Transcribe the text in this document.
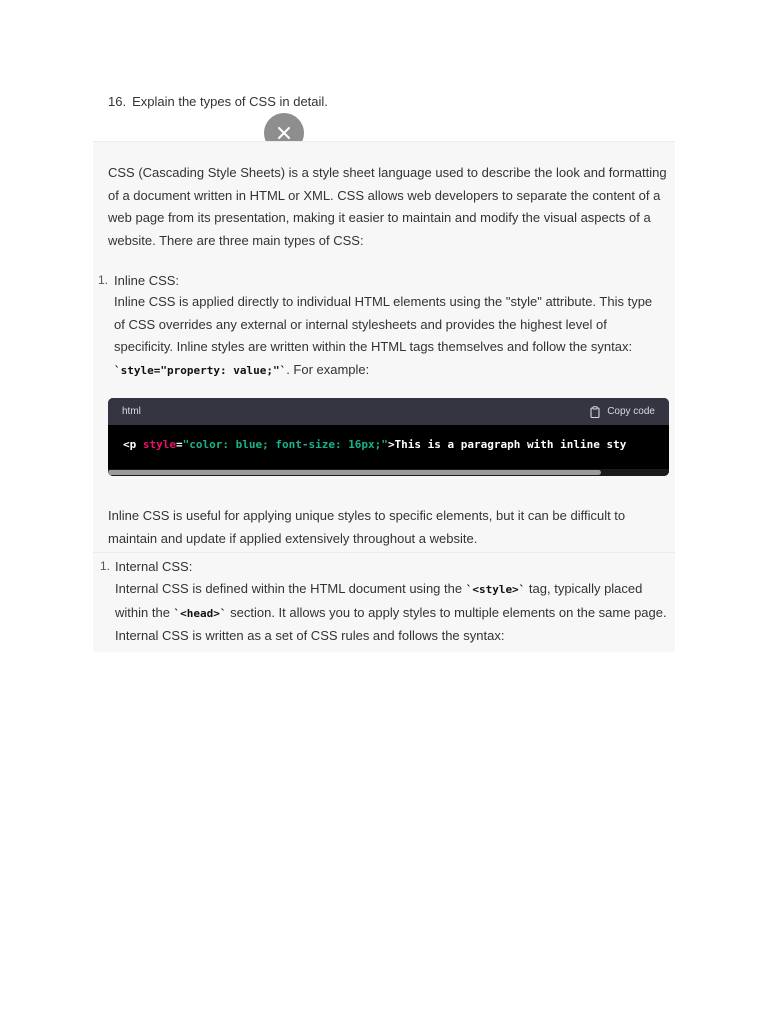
16. Explain the types of CSS in detail.
CSS (Cascading Style Sheets) is a style sheet language used to describe the look and formatting of a document written in HTML or XML. CSS allows web developers to separate the content of a web page from its presentation, making it easier to maintain and modify the visual aspects of a website. There are three main types of CSS:
1. Inline CSS:
Inline CSS is applied directly to individual HTML elements using the "style" attribute. This type of CSS overrides any external or internal stylesheets and provides the highest level of specificity. Inline styles are written within the HTML tags themselves and follow the syntax: `style="property: value;"`. For example:
html	Copy code
<p style="color: blue; font-size: 16px;">This is a paragraph with inline sty
Inline CSS is useful for applying unique styles to specific elements, but it can be difficult to maintain and update if applied extensively throughout a website.
1. Internal CSS:
Internal CSS is defined within the HTML document using the `<style>` tag, typically placed within the `<head>` section. It allows you to apply styles to multiple elements on the same page. Internal CSS is written as a set of CSS rules and follows the syntax:
